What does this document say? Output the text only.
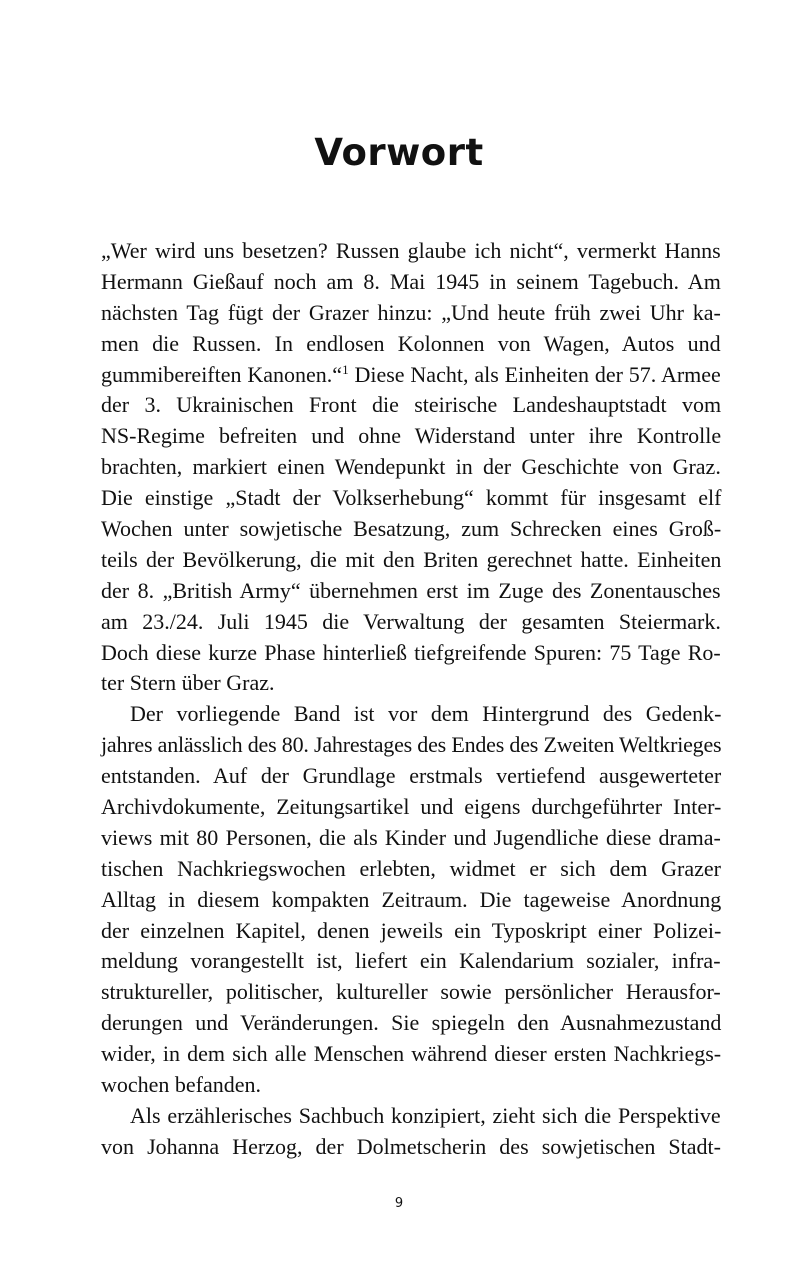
Vorwort

„Wer wird uns besetzen? Russen glaube ich nicht“, vermerkt Hanns
Hermann Gießauf noch am 8. Mai 1945 in seinem Tagebuch. Am
nächsten Tag fügt der Grazer hinzu: „Und heute früh zwei Uhr ka-
men die Russen. In endlosen Kolonnen von Wagen, Autos und
gummibereiften Kanonen.“$^1$ Diese Nacht, als Einheiten der 57. Armee
der 3. Ukrainischen Front die steirische Landeshauptstadt vom
NS-Regime befreiten und ohne Widerstand unter ihre Kontrolle
brachten, markiert einen Wendepunkt in der Geschichte von Graz.
Die einstige „Stadt der Volkserhebung“ kommt für insgesamt elf
Wochen unter sowjetische Besatzung, zum Schrecken eines Groß-
teils der Bevölkerung, die mit den Briten gerechnet hatte. Einheiten
der 8. „British Army“ übernehmen erst im Zuge des Zonentausches
am 23./24. Juli 1945 die Verwaltung der gesamten Steiermark.
Doch diese kurze Phase hinterließ tiefgreifende Spuren: 75 Tage Ro-
ter Stern über Graz.

Der vorliegende Band ist vor dem Hintergrund des Gedenk-
jahres anlässlich des 80. Jahrestages des Endes des Zweiten Weltkrieges
entstanden. Auf der Grundlage erstmals vertiefend ausgewerteter
Archivdokumente, Zeitungsartikel und eigens durchgeführter Inter-
views mit 80 Personen, die als Kinder und Jugendliche diese drama-
tischen Nachkriegswochen erlebten, widmet er sich dem Grazer
Alltag in diesem kompakten Zeitraum. Die tageweise Anordnung
der einzelnen Kapitel, denen jeweils ein Typoskript einer Polizei-
meldung vorangestellt ist, liefert ein Kalendarium sozialer, infra-
struktureller, politischer, kultureller sowie persönlicher Herausfor-
derungen und Veränderungen. Sie spiegeln den Ausnahmezustand
wider, in dem sich alle Menschen während dieser ersten Nachkriegs-
wochen befanden.

Als erzählerisches Sachbuch konzipiert, zieht sich die Perspektive
von Johanna Herzog, der Dolmetscherin des sowjetischen Stadt-

9
